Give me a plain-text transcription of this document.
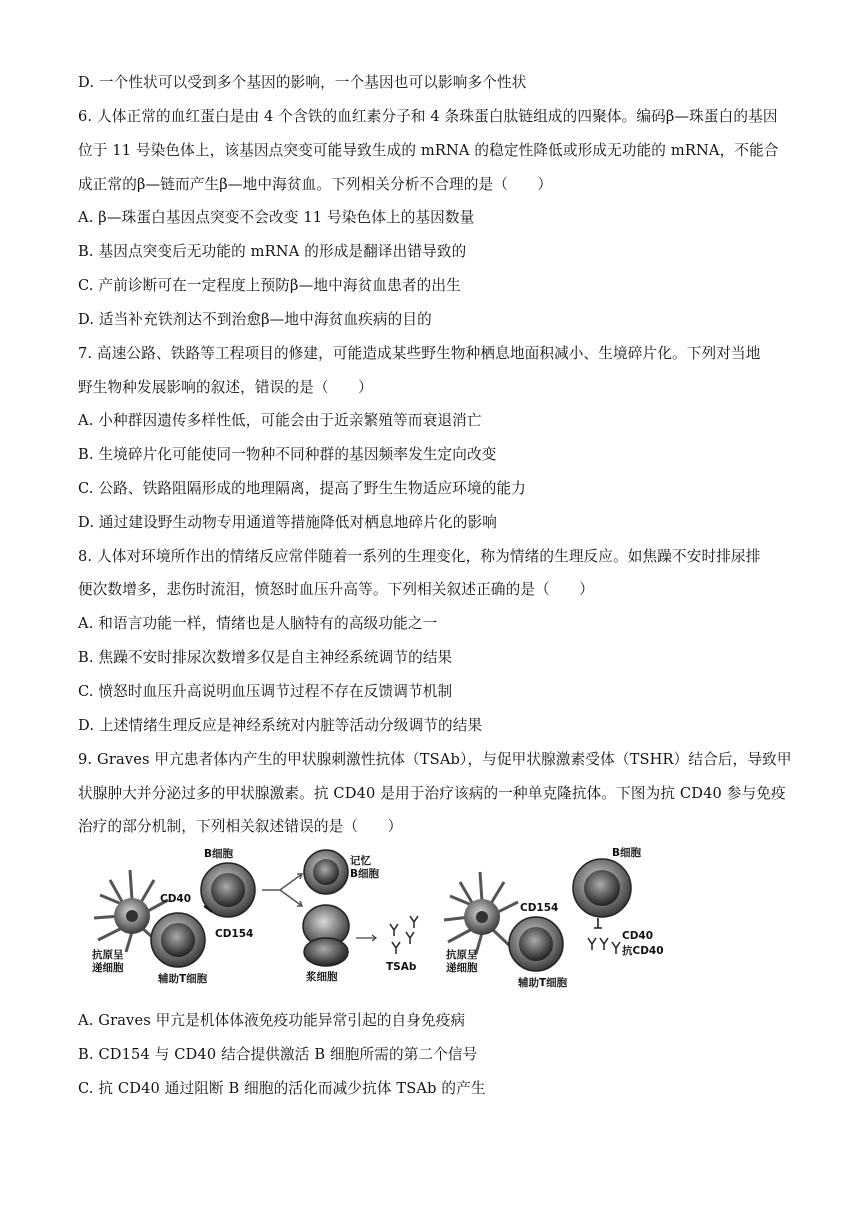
D. 一个性状可以受到多个基因的影响，一个基因也可以影响多个性状
6. 人体正常的血红蛋白是由 4 个含铁的血红素分子和 4 条珠蛋白肽链组成的四聚体。编码β—珠蛋白的基因
位于 11 号染色体上，该基因点突变可能导致生成的 mRNA 的稳定性降低或形成无功能的 mRNA，不能合
成正常的β—链而产生β—地中海贫血。下列相关分析不合理的是（　　）
A. β—珠蛋白基因点突变不会改变 11 号染色体上的基因数量
B. 基因点突变后无功能的 mRNA 的形成是翻译出错导致的
C. 产前诊断可在一定程度上预防β—地中海贫血患者的出生
D. 适当补充铁剂达不到治愈β—地中海贫血疾病的目的
7. 高速公路、铁路等工程项目的修建，可能造成某些野生物种栖息地面积减小、生境碎片化。下列对当地
野生物种发展影响的叙述，错误的是（　　）
A. 小种群因遗传多样性低，可能会由于近亲繁殖等而衰退消亡
B. 生境碎片化可能使同一物种不同种群的基因频率发生定向改变
C. 公路、铁路阻隔形成的地理隔离，提高了野生生物适应环境的能力
D. 通过建设野生动物专用通道等措施降低对栖息地碎片化的影响
8. 人体对环境所作出的情绪反应常伴随着一系列的生理变化，称为情绪的生理反应。如焦躁不安时排尿排
便次数增多，悲伤时流泪，愤怒时血压升高等。下列相关叙述正确的是（　　）
A. 和语言功能一样，情绪也是人脑特有的高级功能之一
B. 焦躁不安时排尿次数增多仅是自主神经系统调节的结果
C. 愤怒时血压升高说明血压调节过程不存在反馈调节机制
D. 上述情绪生理反应是神经系统对内脏等活动分级调节的结果
9. Graves 甲亢患者体内产生的甲状腺刺激性抗体（TSAb），与促甲状腺激素受体（TSHR）结合后，导致甲
状腺肿大并分泌过多的甲状腺激素。抗 CD40 是用于治疗该病的一种单克隆抗体。下图为抗 CD40 参与免疫
治疗的部分机制，下列相关叙述错误的是（　　）
B细胞
CD40
CD154
抗原呈
递细胞
辅助T细胞
记忆
B细胞
浆细胞
TSAb
抗原呈
递细胞
辅助T细胞
CD154
B细胞
CD40
抗CD40
A. Graves 甲亢是机体体液免疫功能异常引起的自身免疫病
B. CD154 与 CD40 结合提供激活 B 细胞所需的第二个信号
C. 抗 CD40 通过阻断 B 细胞的活化而减少抗体 TSAb 的产生
